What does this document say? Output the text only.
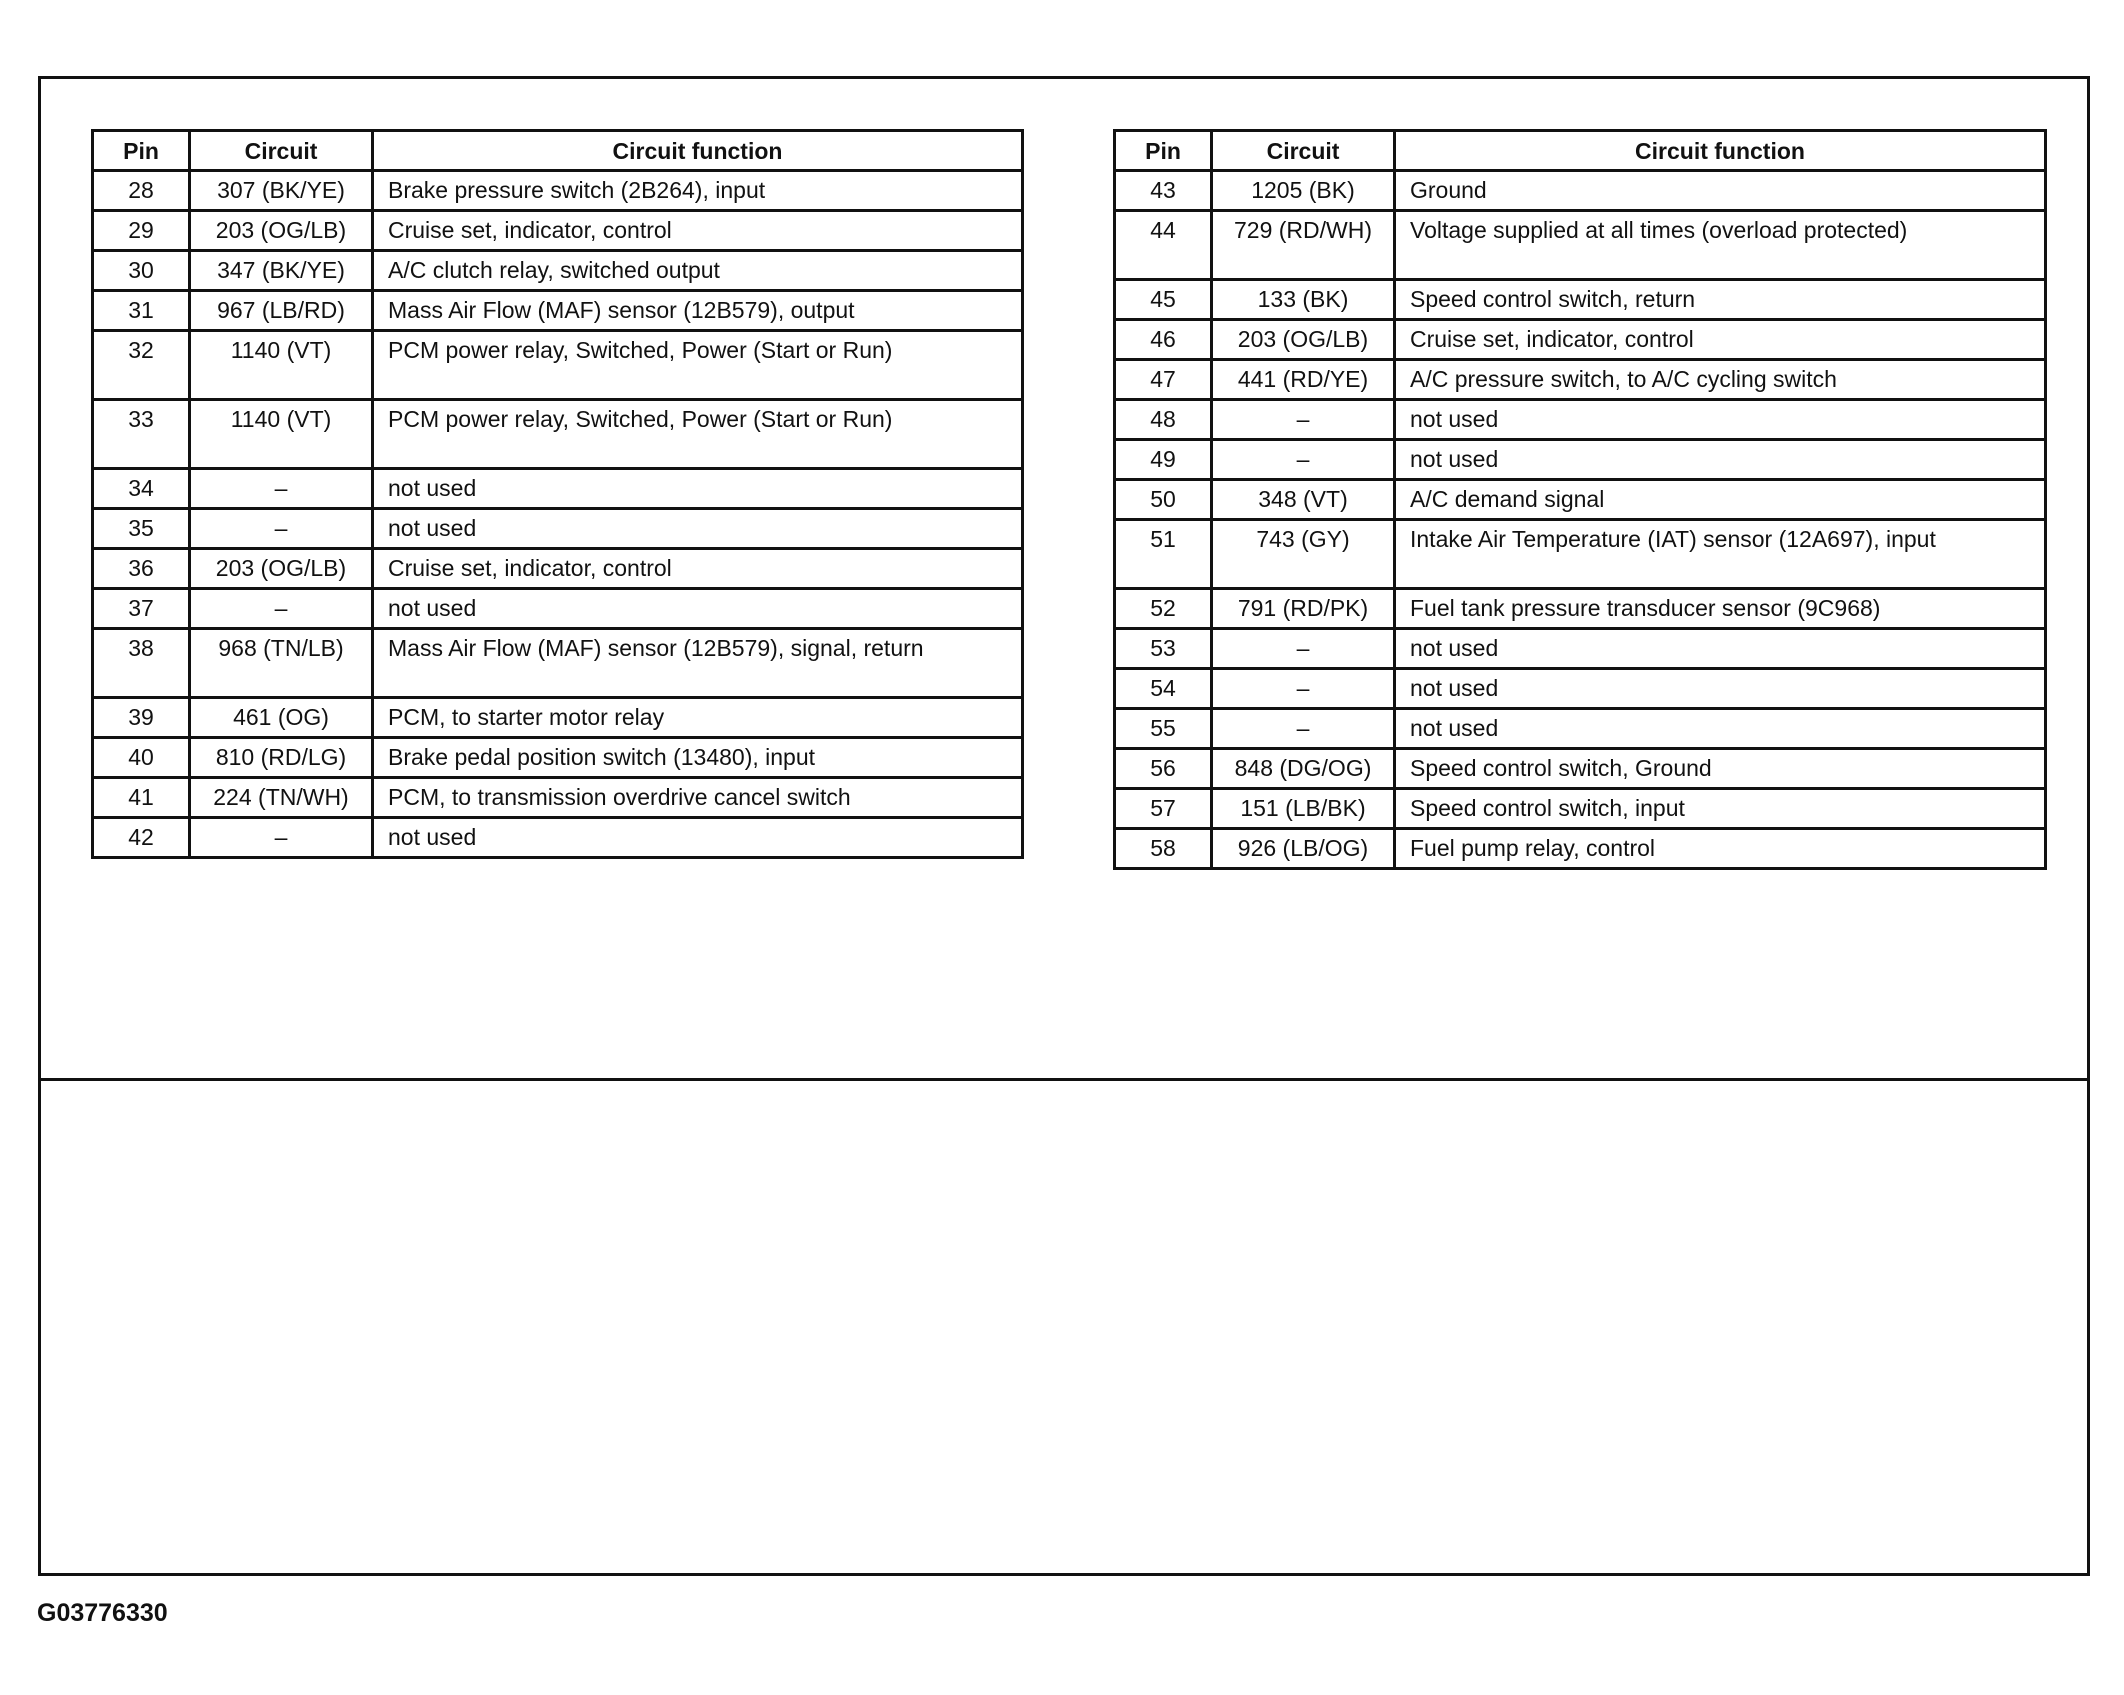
Pin	Circuit	Circuit function
28	307 (BK/YE)	Brake pressure switch (2B264), input
29	203 (OG/LB)	Cruise set, indicator, control
30	347 (BK/YE)	A/C clutch relay, switched output
31	967 (LB/RD)	Mass Air Flow (MAF) sensor (12B579), output
32	1140 (VT)	PCM power relay, Switched, Power (Start or Run)
33	1140 (VT)	PCM power relay, Switched, Power (Start or Run)
34	–	not used
35	–	not used
36	203 (OG/LB)	Cruise set, indicator, control
37	–	not used
38	968 (TN/LB)	Mass Air Flow (MAF) sensor (12B579), signal, return
39	461 (OG)	PCM, to starter motor relay
40	810 (RD/LG)	Brake pedal position switch (13480), input
41	224 (TN/WH)	PCM, to transmission overdrive cancel switch
42	–	not used
Pin	Circuit	Circuit function
43	1205 (BK)	Ground
44	729 (RD/WH)	Voltage supplied at all times (overload protected)
45	133 (BK)	Speed control switch, return
46	203 (OG/LB)	Cruise set, indicator, control
47	441 (RD/YE)	A/C pressure switch, to A/C cycling switch
48	–	not used
49	–	not used
50	348 (VT)	A/C demand signal
51	743 (GY)	Intake Air Temperature (IAT) sensor (12A697), input
52	791 (RD/PK)	Fuel tank pressure transducer sensor (9C968)
53	–	not used
54	–	not used
55	–	not used
56	848 (DG/OG)	Speed control switch, Ground
57	151 (LB/BK)	Speed control switch, input
58	926 (LB/OG)	Fuel pump relay, control
G03776330
